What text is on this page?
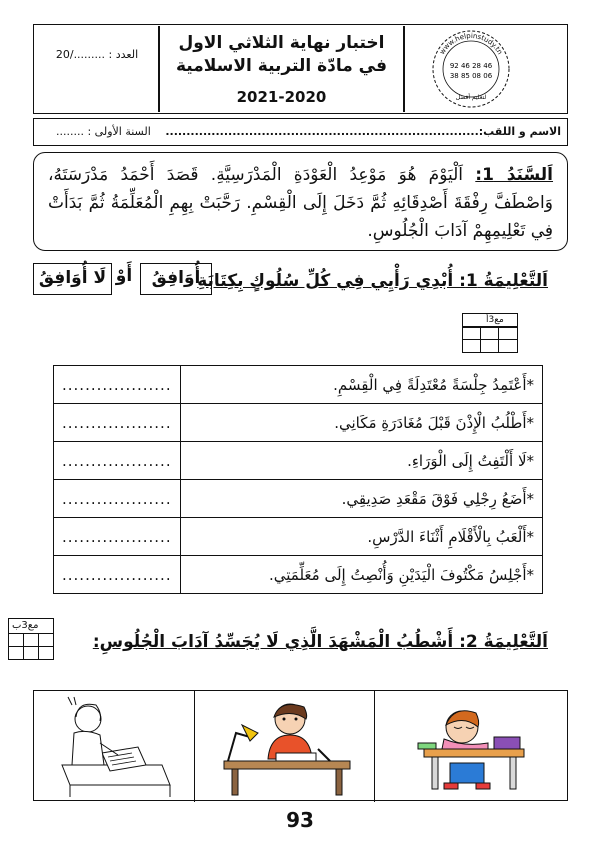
العدد : ........./20
اختبار نهاية الثلاثي الاول
في مادّة التربية الاسلامية
2021-2020
www.helpinstudy.tn
92 46 28 46
38 85 08 06
لتعليم أفضل
الاسم و اللقب:...........................................................................
السنة الأولى : ........

اَلسَّنَدُ 1: اَلْيَوْمَ هُوَ مَوْعِدُ الْعَوْدَةِ الْمَدْرَسِيَّةِ. قَصَدَ أَحْمَدُ مَدْرَسَتَهُ، وَاصْطَفَّ رِفْقَةَ أَصْدِقَائِهِ ثُمَّ دَخَلَ إِلَى الْقِسْمِ. رَحَّبَتْ بِهِمِ الْمُعَلِّمَةُ ثُمَّ بَدَأَتْ فِي تَعْلِيمِهِمْ آدَابَ الْجُلُوسِ.

اَلتَّعْلِيمَةُ 1: أُبْدِي رَأْيِي فِي كُلِّ سُلُوكٍ بِكِتَابَةِ
أُوَافِقُ
أَوْ
لَا أُوَافِقُ
مع3أ
*أَعْتَمِدُ جِلْسَةً مُعْتَدِلَةً فِي الْقِسْمِ.	...................
*أَطْلُبُ الْإِذْنَ قَبْلَ مُغَادَرَةِ مَكَانِي.	...................
*لَا أَلْتَفِتُ إِلَى الْوَرَاءِ.	...................
*أَضَعُ رِجْلِي فَوْقَ مَقْعَدِ صَدِيقِي.	...................
*أَلْعَبُ بِالْأَقْلَامِ أَثْنَاءَ الدَّرْسِ.	...................
*أَجْلِسُ مَكْتُوفَ الْيَدَيْنِ وَأُنْصِتُ إِلَى مُعَلِّمَتِي.	...................
مع3ب
اَلتَّعْلِيمَةُ 2: أَشْطُبُ الْمَشْهَدَ الَّذِي لَا يُجَسِّدُ آدَابَ الْجُلُوسِ:
93
